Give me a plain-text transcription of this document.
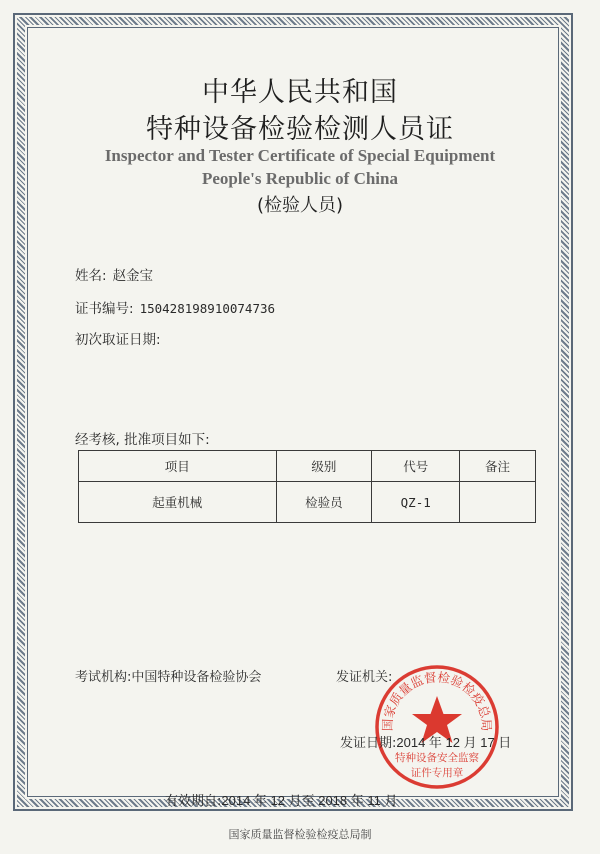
中华人民共和国
特种设备检验检测人员证
Inspector and Tester Certificate of Special Equipment
People's Republic of China
(检验人员)
姓名: 赵金宝
证书编号: 150428198910074736
初次取证日期:
经考核, 批准项目如下:
项目	级别	代号	备注
起重机械	检验员	QZ-1	
考试机构:中国特种设备检验协会	发证机关:
国家质量监督检验检疫总局
特种设备安全监察
证件专用章
发证日期:2014 年 12 月 17 日
有效期自:2014 年 12 月至 2018 年 11 月
国家质量监督检验检疫总局制
